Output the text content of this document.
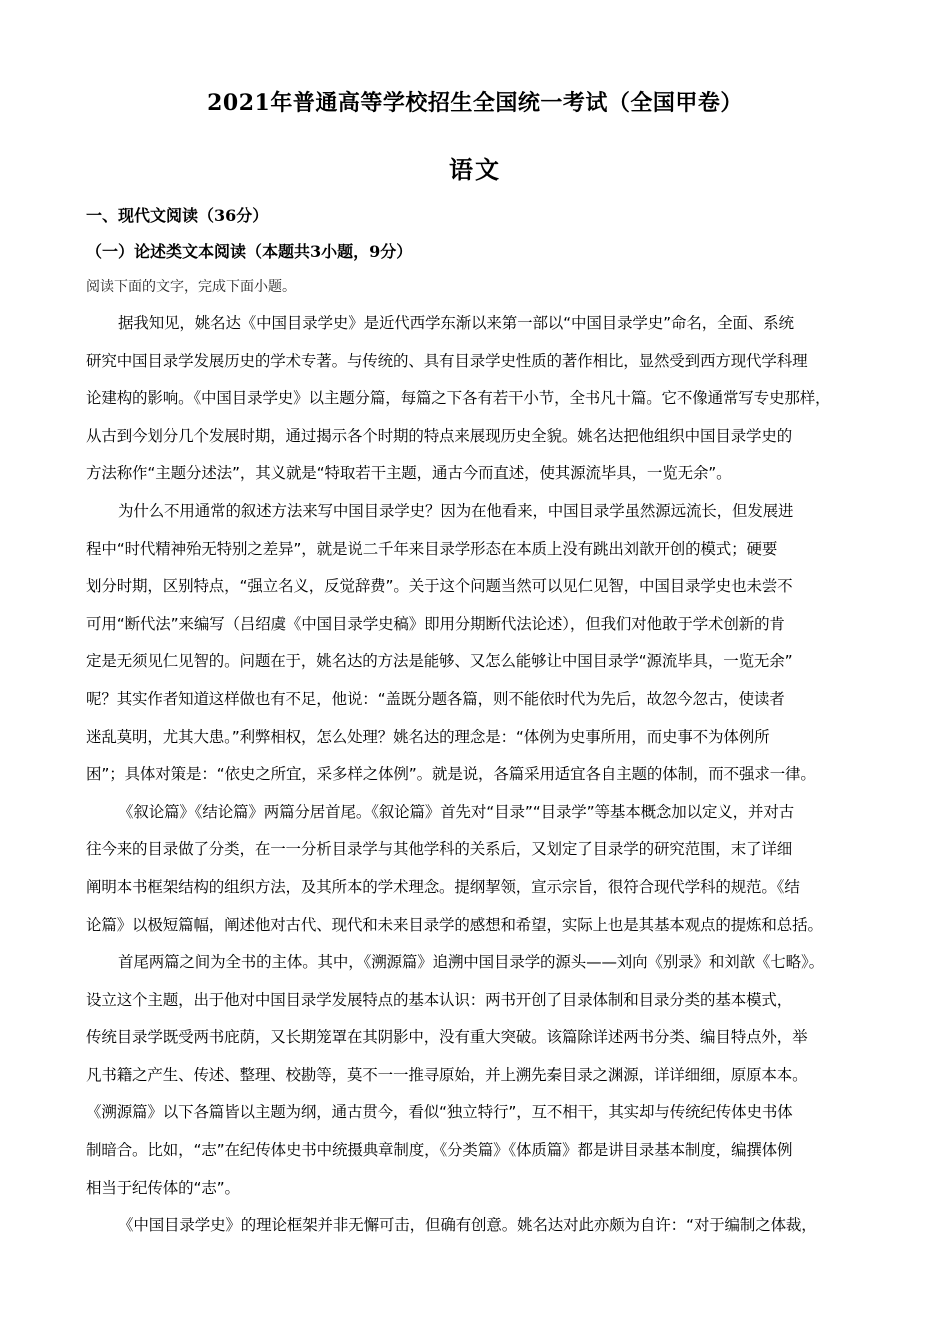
2021年普通高等学校招生全国统一考试（全国甲卷）
语文
一、现代文阅读（36分）
（一）论述类文本阅读（本题共3小题，9分）
阅读下面的文字，完成下面小题。
据我知见，姚名达《中国目录学史》是近代西学东渐以来第一部以“中国目录学史”命名，全面、系统
研究中国目录学发展历史的学术专著。与传统的、具有目录学史性质的著作相比，显然受到西方现代学科理
论建构的影响。《中国目录学史》以主题分篇，每篇之下各有若干小节，全书凡十篇。它不像通常写专史那样，
从古到今划分几个发展时期，通过揭示各个时期的特点来展现历史全貌。姚名达把他组织中国目录学史的
方法称作“主题分述法”，其义就是“特取若干主题，通古今而直述，使其源流毕具，一览无余”。
为什么不用通常的叙述方法来写中国目录学史？因为在他看来，中国目录学虽然源远流长，但发展进
程中“时代精神殆无特别之差异”，就是说二千年来目录学形态在本质上没有跳出刘歆开创的模式；硬要
划分时期，区别特点，“强立名义，反觉辞费”。关于这个问题当然可以见仁见智，中国目录学史也未尝不
可用“断代法”来编写（吕绍虞《中国目录学史稿》即用分期断代法论述），但我们对他敢于学术创新的肯
定是无须见仁见智的。问题在于，姚名达的方法是能够、又怎么能够让中国目录学“源流毕具，一览无余”
呢？其实作者知道这样做也有不足，他说：“盖既分题各篇，则不能依时代为先后，故忽今忽古，使读者
迷乱莫明，尤其大患。”利弊相权，怎么处理？姚名达的理念是：“体例为史事所用，而史事不为体例所
困”；具体对策是：“依史之所宜，采多样之体例”。就是说，各篇采用适宜各自主题的体制，而不强求一律。
《叙论篇》《结论篇》两篇分居首尾。《叙论篇》首先对“目录”“目录学”等基本概念加以定义，并对古
往今来的目录做了分类，在一一分析目录学与其他学科的关系后，又划定了目录学的研究范围，末了详细
阐明本书框架结构的组织方法，及其所本的学术理念。提纲挈领，宣示宗旨，很符合现代学科的规范。《结
论篇》以极短篇幅，阐述他对古代、现代和未来目录学的感想和希望，实际上也是其基本观点的提炼和总括。
首尾两篇之间为全书的主体。其中，《溯源篇》追溯中国目录学的源头——刘向《别录》和刘歆《七略》。
设立这个主题，出于他对中国目录学发展特点的基本认识：两书开创了目录体制和目录分类的基本模式，
传统目录学既受两书庇荫，又长期笼罩在其阴影中，没有重大突破。该篇除详述两书分类、编目特点外，举
凡书籍之产生、传述、整理、校勘等，莫不一一推寻原始，并上溯先秦目录之渊源，详详细细，原原本本。
《溯源篇》以下各篇皆以主题为纲，通古贯今，看似“独立特行”，互不相干，其实却与传统纪传体史书体
制暗合。比如，“志”在纪传体史书中统摄典章制度，《分类篇》《体质篇》都是讲目录基本制度，编撰体例
相当于纪传体的“志”。
《中国目录学史》的理论框架并非无懈可击，但确有创意。姚名达对此亦颇为自许：“对于编制之体裁，
